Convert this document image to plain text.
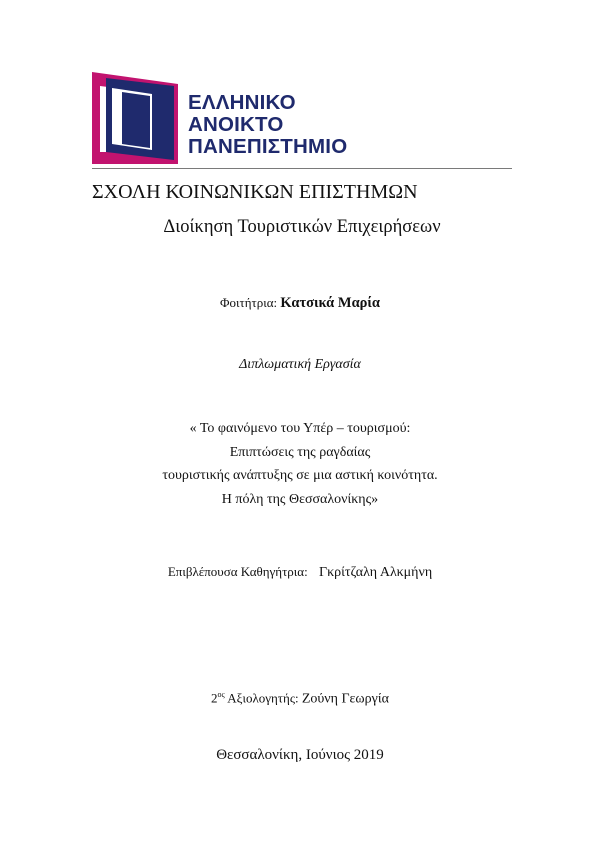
ΕΛΛΗΝΙΚΟ
ΑΝΟΙΚΤΟ
ΠΑΝΕΠΙΣΤΗΜΙΟ
ΣΧΟΛΗ ΚΟΙΝΩΝΙΚΩΝ ΕΠΙΣΤΗΜΩΝ
Διοίκηση Τουριστικών Επιχειρήσεων
Φοιτήτρια: Κατσικά Μαρία
Διπλωματική Εργασία
« Το φαινόμενο του Υπέρ – τουρισμού:
Επιπτώσεις της ραγδαίας
τουριστικής ανάπτυξης σε μια αστική κοινότητα.
Η πόλη της Θεσσαλονίκης»
Επιβλέπουσα Καθηγήτρια: Γκρίτζαλη Αλκμήνη
$2^{o\varsigma}$ Αξιολογητής: Ζούνη Γεωργία
Θεσσαλονίκη, Ιούνιος 2019
